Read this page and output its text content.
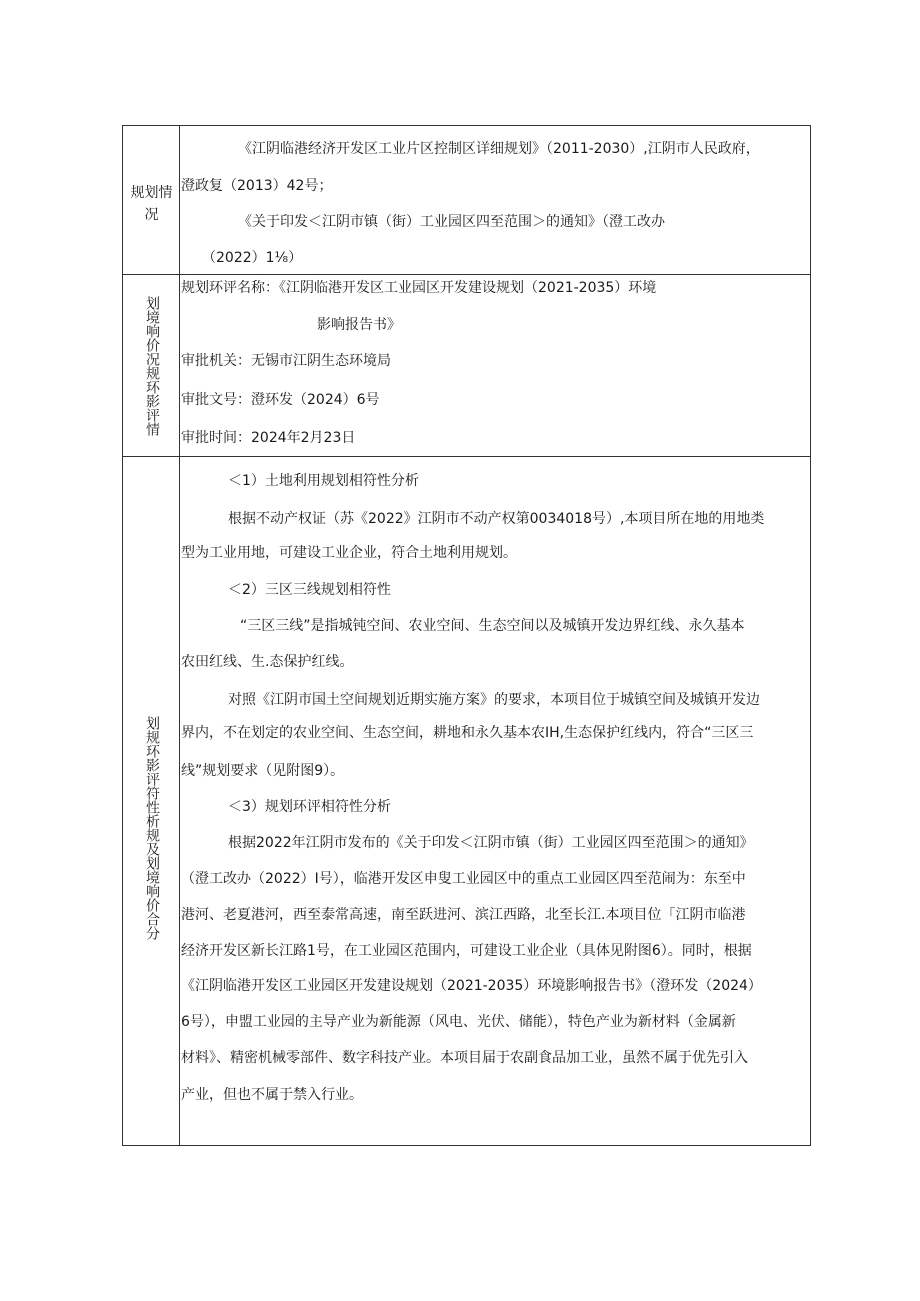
规划情
况
《江阴临港经济开发区工业片区控制区详细规划》（2011-2030）,江阴市人民政府，
澄政复（2013）42号；
《关于印发＜江阴市镇（街）工业园区四至范围＞的通知》（澄工改办
（2022）1⅛）
划境响价况规环影评情
规划环评名称：《江阴临港开发区工业园区开发建设规划（2021-2035）环境
影响报告书》
审批机关：无锡市江阴生态环境局
审批文号：澄环发（2024）6号
审批时间：2024年2月23日
划规环影评符性析规及划境响价合分
＜1）土地利用规划相符性分析
根据不动产权证（苏《2022》江阴市不动产权第0034018号）,本项目所在地的用地类
型为工业用地，可建设工业企业，符合土地利用规划。
＜2）三区三线规划相符性
“三区三线”是指城钝空间、农业空间、生态空间以及城镇开发边界红线、永久基本
农田红线、生.态保护红线。
对照《江阴市国土空间规划近期实施方案》的要求，本项目位于城镇空间及城镇开发边
界内，不在划定的农业空间、生态空间，耕地和永久基本农IH,生态保护红线内，符合“三区三
线”规划要求（见附图9）。
＜3）规划环评相符性分析
根据2022年江阴市发布的《关于印发＜江阴市镇（街）工业园区四至范围＞的通知》
（澄工改办（2022）I号），临港开发区申叟工业园区中的重点工业园区四至范闹为：东至中
港河、老夏港河，西至泰常高速，南至跃进河、滨江西路，北至长江.本项目位「江阴市临港
经济开发区新长江路1号，在工业园区范围内，可建设工业企业（具体见附图6）。同时，根据
《江阴临港开发区工业园区开发建设规划（2021-2035）环境影响报告书》（澄环发（2024）
6号），申盟工业园的主导产业为新能源（风电、光伏、储能），特色产业为新材料（金属新
材料》、精密机械零部件、数字科技产业。本项目届于农副食品加工业，虽然不属于优先引入
产业，但也不属于禁入行业。
